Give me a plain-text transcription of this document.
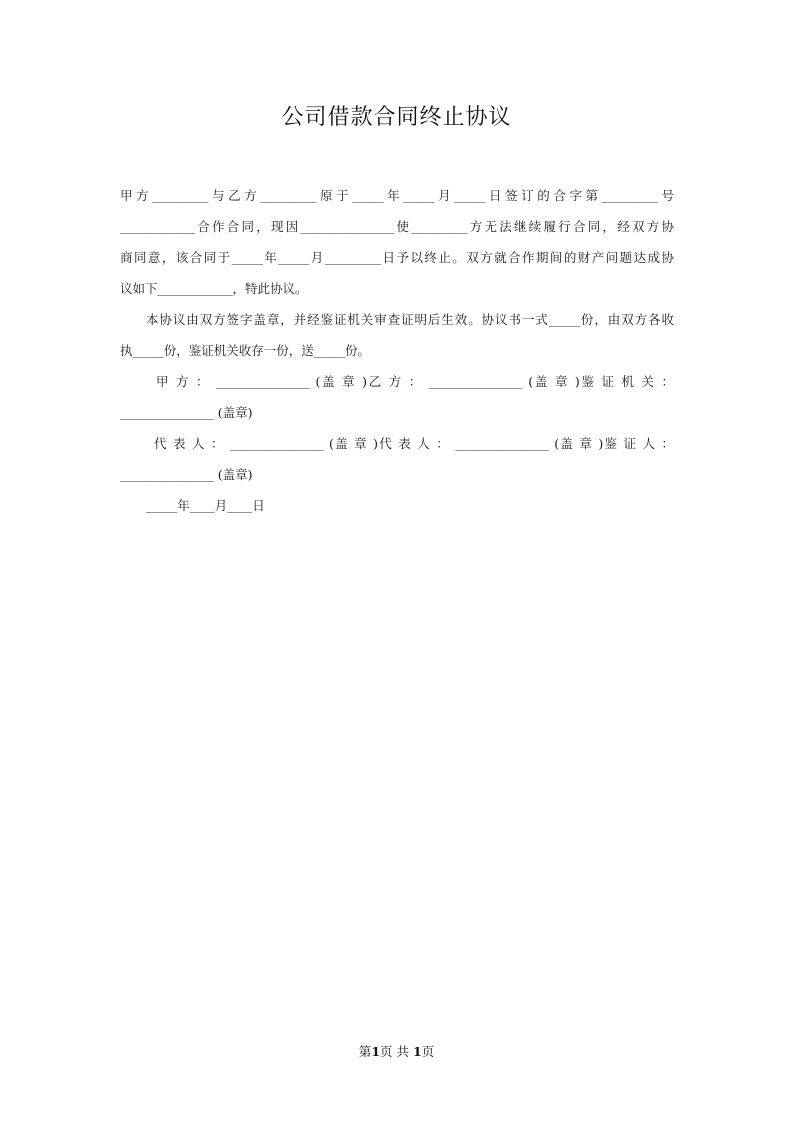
公司借款合同终止协议
甲方_________与乙方_________原于_____年_____月_____日签订的合字第_________号
____________合作合同，现因_______________使_________方无法继续履行合同，经双方协
商同意，该合同于_____年_____月_________日予以终止。双方就合作期间的财产问题达成协
议如下____________，特此协议。
本协议由双方签字盖章，并经鉴证机关审查证明后生效。协议书一式_____份，由双方各收
执_____份，鉴证机关收存一份，送_____份。
甲 方 ： _______________ (盖 章 )乙 方 ： _______________ (盖 章 )鉴 证 机 关 ：
_______________ (盖章)
代 表 人 ： _______________ (盖 章 )代 表 人 ： _______________ (盖 章 )鉴 证 人 ：
_______________ (盖章)
_____年____月____日
第1页 共 1页
